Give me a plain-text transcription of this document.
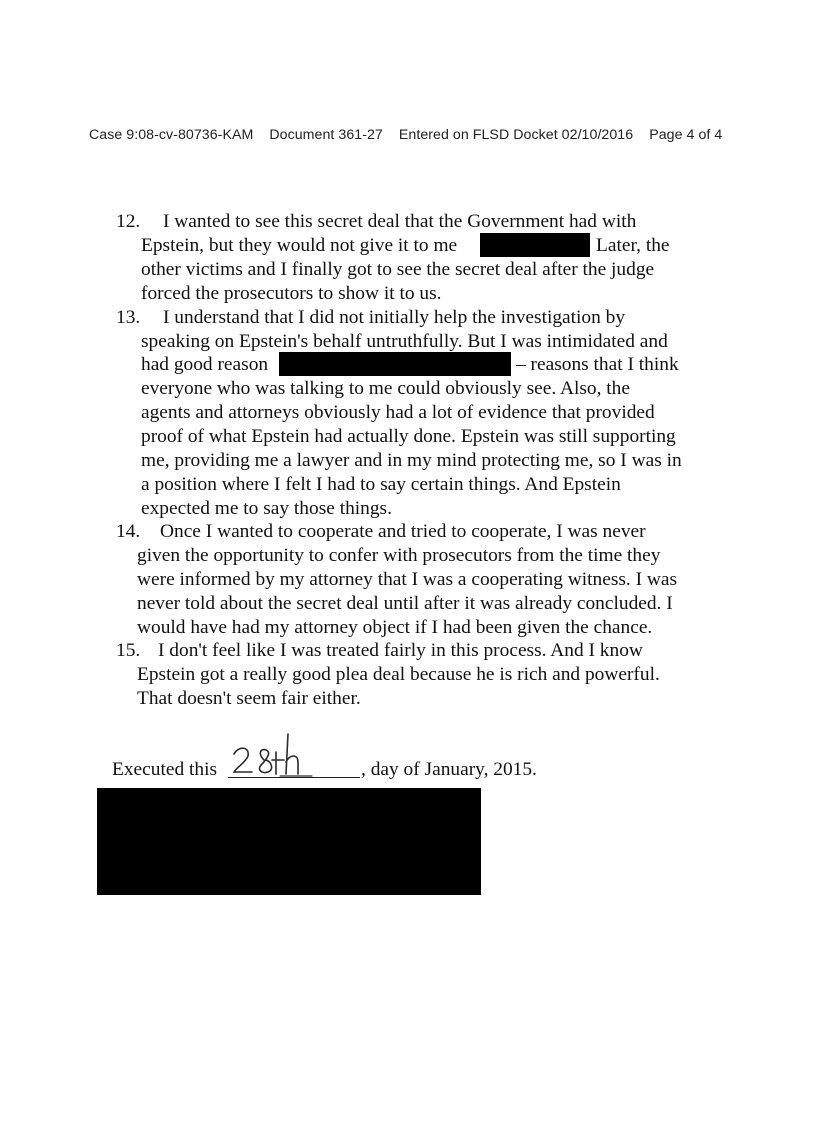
Case 9:08-cv-80736-KAM Document 361-27 Entered on FLSD Docket 02/10/2016 Page 4 of 4
12. I wanted to see this secret deal that the Government had with
Epstein, but they would not give it to me	Later, the
other victims and I finally got to see the secret deal after the judge
forced the prosecutors to show it to us.
13. I understand that I did not initially help the investigation by
speaking on Epstein's behalf untruthfully. But I was intimidated and
had good reason	– reasons that I think
everyone who was talking to me could obviously see. Also, the
agents and attorneys obviously had a lot of evidence that provided
proof of what Epstein had actually done. Epstein was still supporting
me, providing me a lawyer and in my mind protecting me, so I was in
a position where I felt I had to say certain things. And Epstein
expected me to say those things.
14. Once I wanted to cooperate and tried to cooperate, I was never
given the opportunity to confer with prosecutors from the time they
were informed by my attorney that I was a cooperating witness. I was
never told about the secret deal until after it was already concluded. I
would have had my attorney object if I had been given the chance.
15. I don't feel like I was treated fairly in this process. And I know
Epstein got a really good plea deal because he is rich and powerful.
That doesn't seem fair either.
Executed this	, day of January, 2015.
